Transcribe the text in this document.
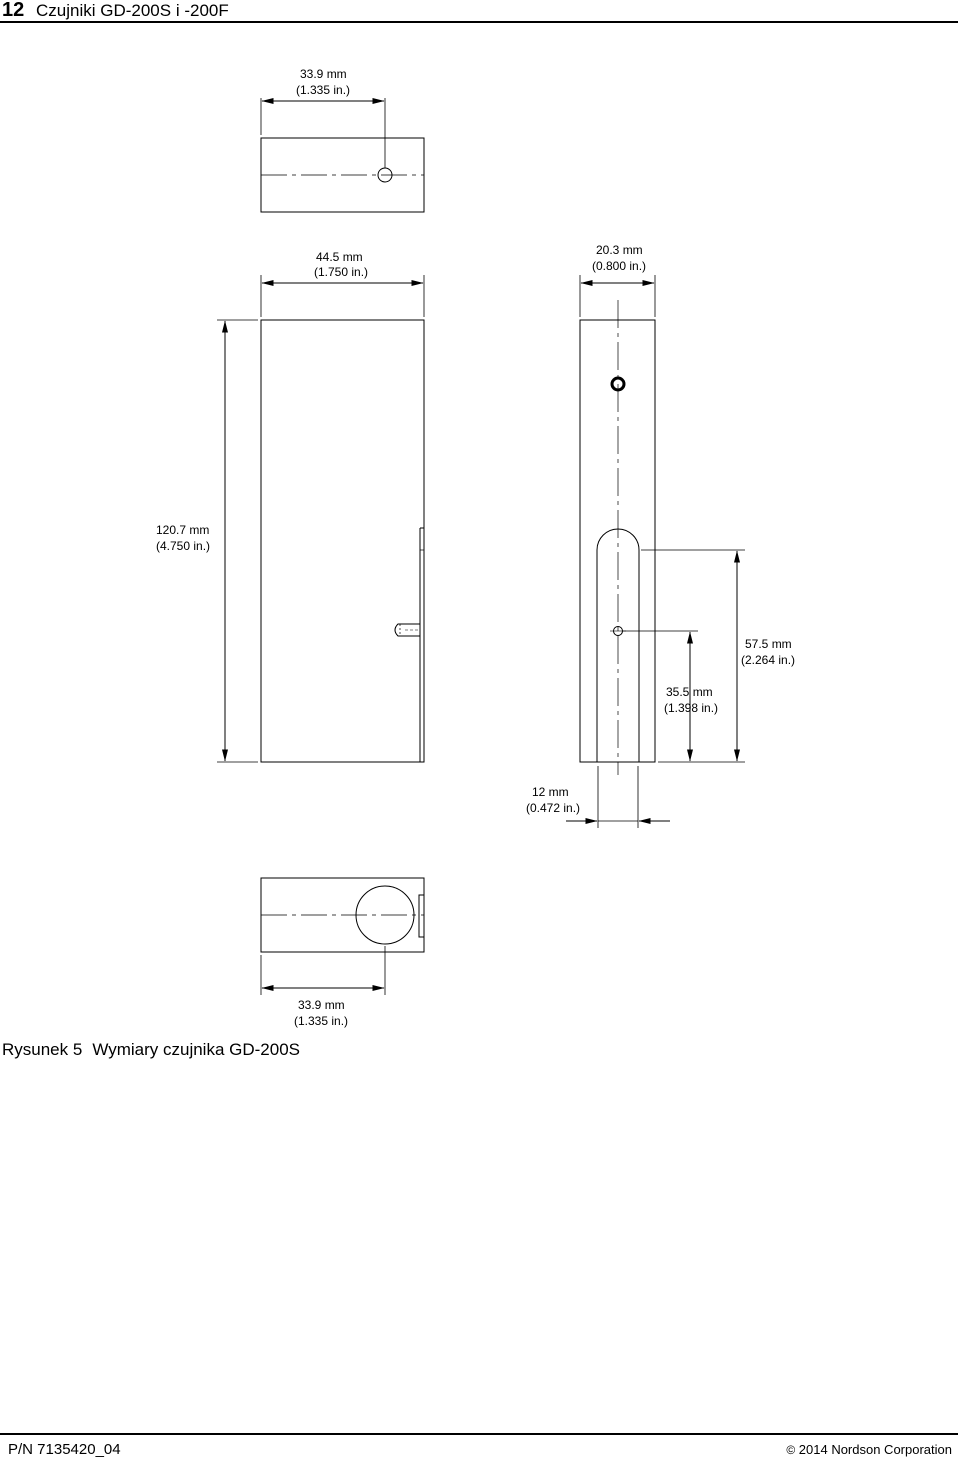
12 Czujniki GD-200S i -200F
33.9 mm
(1.335 in.)
44.5 mm
(1.750 in.)
20.3 mm
(0.800 in.)
120.7 mm
(4.750 in.)
57.5 mm
(2.264 in.)
35.5 mm
(1.398 in.)
12 mm
(0.472 in.)
33.9 mm
(1.335 in.)
Rysunek 5 Wymiary czujnika GD-200S
P/N 7135420_04	© 2014 Nordson Corporation
